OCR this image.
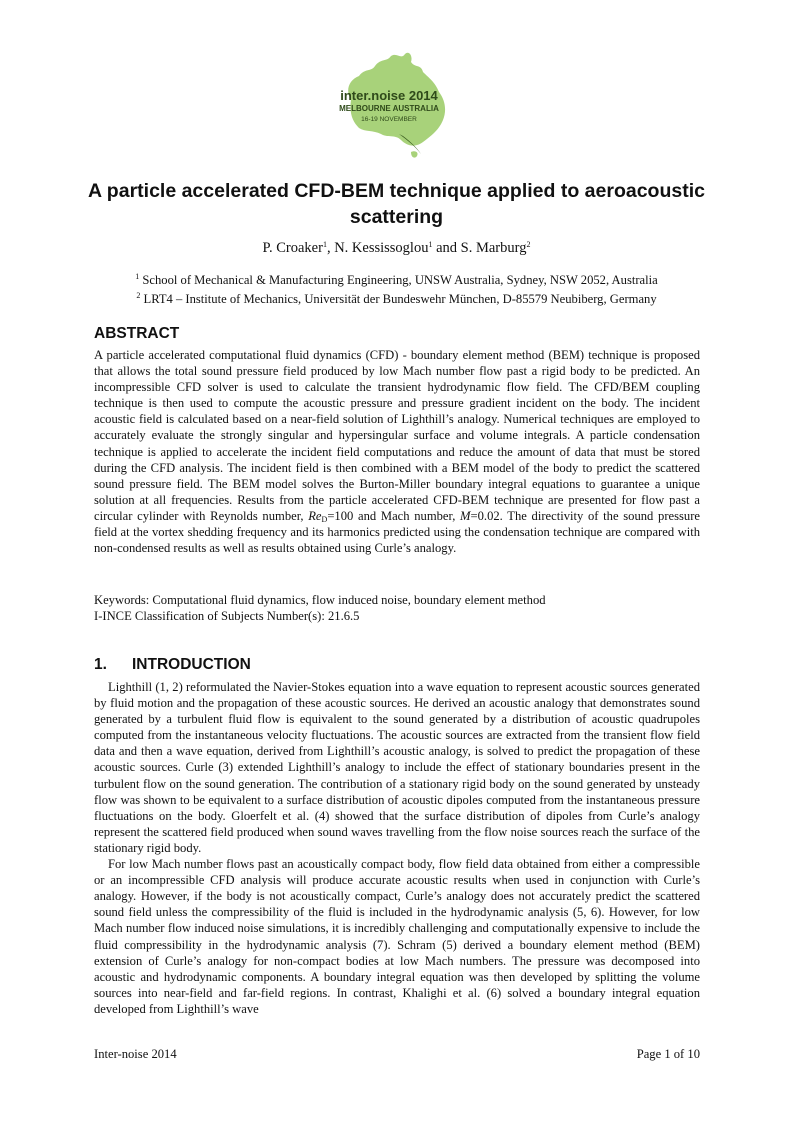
inter.noise 2014
MELBOURNE AUSTRALIA
16-19 NOVEMBER
A particle accelerated CFD-BEM technique applied to aeroacoustic
scattering
P. Croaker$^1$, N. Kessissoglou$^1$ and S. Marburg$^2$
$^1$ School of Mechanical & Manufacturing Engineering, UNSW Australia, Sydney, NSW 2052, Australia
$^2$ LRT4 – Institute of Mechanics, Universität der Bundeswehr München, D-85579 Neubiberg, Germany
ABSTRACT
A particle accelerated computational fluid dynamics (CFD) - boundary element method (BEM) technique is proposed that allows the total sound pressure field produced by low Mach number flow past a rigid body to be predicted. An incompressible CFD solver is used to calculate the transient hydrodynamic flow field. The CFD/BEM coupling technique is then used to compute the acoustic pressure and pressure gradient incident on the body. The incident acoustic field is calculated based on a near-field solution of Lighthill’s analogy. Numerical techniques are employed to accurately evaluate the strongly singular and hypersingular surface and volume integrals. A particle condensation technique is applied to accelerate the incident field computations and reduce the amount of data that must be stored during the CFD analysis. The incident field is then combined with a BEM model of the body to predict the scattered sound pressure field. The BEM model solves the Burton-Miller boundary integral equations to guarantee a unique solution at all frequencies. Results from the particle accelerated CFD-BEM technique are presented for flow past a circular cylinder with Reynolds number, $Re_D=100$ and Mach number, M=0.02. The directivity of the sound pressure field at the vortex shedding frequency and its harmonics predicted using the condensation technique are compared with non-condensed results as well as results obtained using Curle’s analogy.
Keywords: Computational fluid dynamics, flow induced noise, boundary element method
I-INCE Classification of Subjects Number(s): 21.6.5
1. INTRODUCTION

Lighthill (1, 2) reformulated the Navier-Stokes equation into a wave equation to represent acoustic sources generated by fluid motion and the propagation of these acoustic sources. He derived an acoustic analogy that demonstrates sound generated by a turbulent fluid flow is equivalent to the sound generated by a distribution of acoustic quadrupoles computed from the instantaneous velocity fluctuations. The acoustic sources are extracted from the transient flow field data and then a wave equation, derived from Lighthill’s acoustic analogy, is solved to predict the propagation of these acoustic sources. Curle (3) extended Lighthill’s analogy to include the effect of stationary boundaries present in the turbulent flow on the sound generation. The contribution of a stationary rigid body on the sound generated by unsteady flow was shown to be equivalent to a surface distribution of acoustic dipoles computed from the instantaneous pressure fluctuations on the body. Gloerfelt et al. (4) showed that the surface distribution of dipoles from Curle’s analogy represent the scattered field produced when sound waves travelling from the flow noise sources reach the surface of the stationary rigid body.

For low Mach number flows past an acoustically compact body, flow field data obtained from either a compressible or an incompressible CFD analysis will produce accurate acoustic results when used in conjunction with Curle’s analogy. However, if the body is not acoustically compact, Curle’s analogy does not accurately predict the scattered sound field unless the compressibility of the fluid is included in the hydrodynamic analysis (5, 6). However, for low Mach number flow induced noise simulations, it is incredibly challenging and computationally expensive to include the fluid compressibility in the hydrodynamic analysis (7). Schram (5) derived a boundary element method (BEM) extension of Curle’s analogy for non-compact bodies at low Mach numbers. The pressure was decomposed into acoustic and hydrodynamic components. A boundary integral equation was then developed by splitting the volume sources into near-field and far-field regions. In contrast, Khalighi et al. (6) solved a boundary integral equation developed from Lighthill’s wave

Inter-noise 2014	Page 1 of 10
